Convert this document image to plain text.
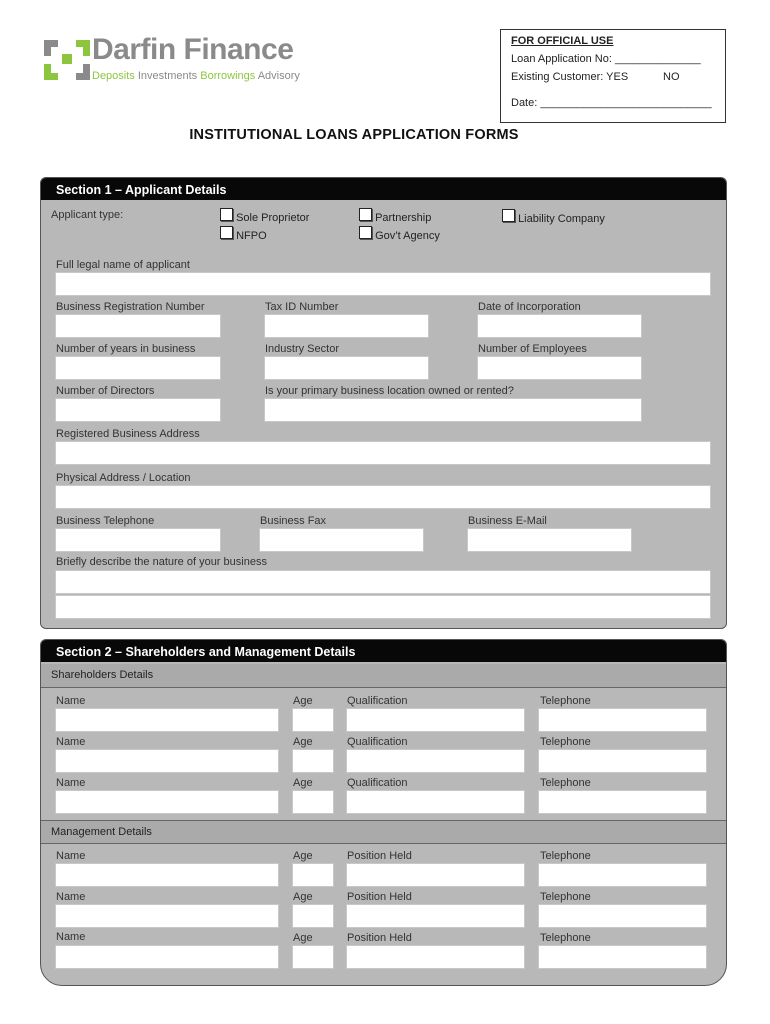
Darfin Finance
Deposits Investments Borrowings Advisory
FOR OFFICIAL USE
Loan Application No: ______________
Existing Customer: YES	NO
Date: ____________________________
INSTITUTIONAL LOANS APPLICATION FORMS
Section 1 – Applicant Details
Applicant type:	Sole Proprietor
NFPO
Partnership
Gov’t Agency
Liability Company
Full legal name of applicant
Business Registration Number	Tax ID Number	Date of Incorporation
Number of years in business	Industry Sector	Number of Employees
Number of Directors	Is your primary business location owned or rented?
Registered Business Address
Physical Address / Location
Business Telephone	Business Fax	Business E-Mail
Briefly describe the nature of your business
Section 2 – Shareholders and Management Details
Shareholders Details
Name	Age	Qualification	Telephone
Name	Age	Qualification	Telephone
Name	Age	Qualification	Telephone
Management Details
Name	Age	Position Held	Telephone
Name	Age	Position Held	Telephone
Name	Age	Position Held	Telephone
